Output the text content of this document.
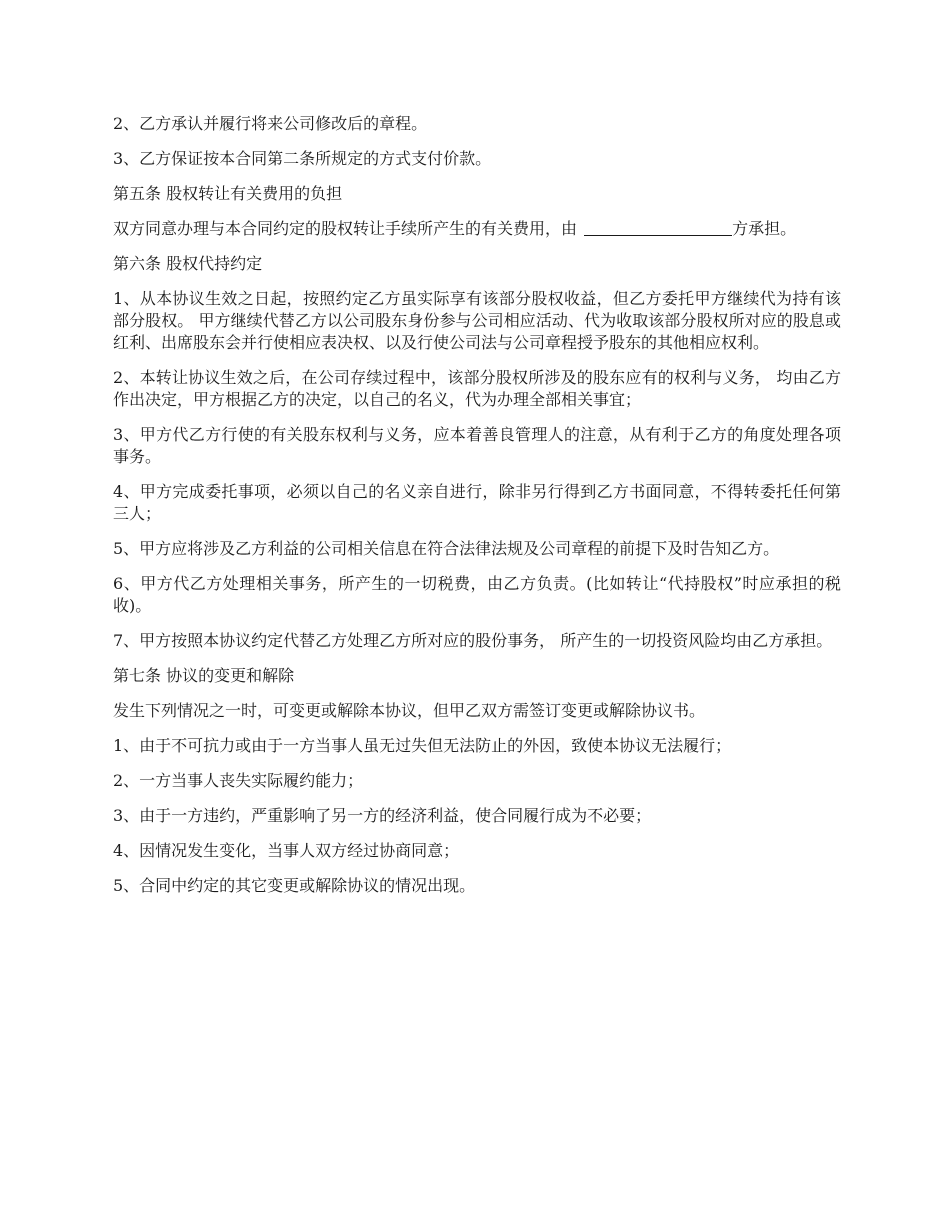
2、乙方承认并履行将来公司修改后的章程。

3、乙方保证按本合同第二条所规定的方式支付价款。

第五条 股权转让有关费用的负担

双方同意办理与本合同约定的股权转让手续所产生的有关费用，由	方承担。

第六条 股权代持约定

1、从本协议生效之日起，按照约定乙方虽实际享有该部分股权收益，但乙方委托甲方继续代为持有该部分股权。 甲方继续代替乙方以公司股东身份参与公司相应活动、代为收取该部分股权所对应的股息或红利、出席股东会并行使相应表决权、以及行使公司法与公司章程授予股东的其他相应权利。

2、本转让协议生效之后，在公司存续过程中，该部分股权所涉及的股东应有的权利与义务， 均由乙方作出决定，甲方根据乙方的决定，以自己的名义，代为办理全部相关事宜；

3、甲方代乙方行使的有关股东权利与义务，应本着善良管理人的注意，从有利于乙方的角度处理各项事务。

4、甲方完成委托事项，必须以自己的名义亲自进行，除非另行得到乙方书面同意，不得转委托任何第三人；

5、甲方应将涉及乙方利益的公司相关信息在符合法律法规及公司章程的前提下及时告知乙方。

6、甲方代乙方处理相关事务，所产生的一切税费，由乙方负责。(比如转让“代持股权”时应承担的税收)。

7、甲方按照本协议约定代替乙方处理乙方所对应的股份事务， 所产生的一切投资风险均由乙方承担。

第七条 协议的变更和解除

发生下列情况之一时，可变更或解除本协议，但甲乙双方需签订变更或解除协议书。

1、由于不可抗力或由于一方当事人虽无过失但无法防止的外因，致使本协议无法履行；

2、一方当事人丧失实际履约能力；

3、由于一方违约，严重影响了另一方的经济利益，使合同履行成为不必要；

4、因情况发生变化，当事人双方经过协商同意；

5、合同中约定的其它变更或解除协议的情况出现。
